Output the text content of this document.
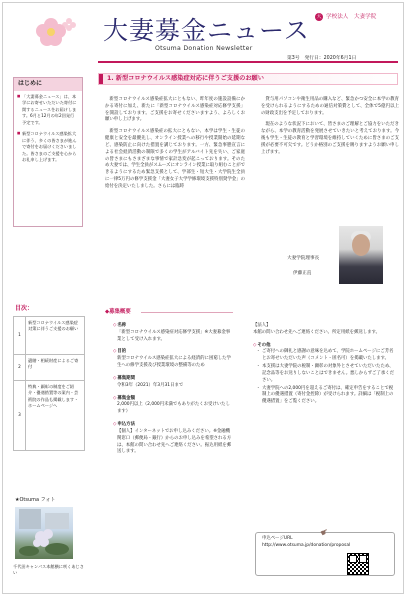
大妻募金ニュース
Otsuma Donation Newsletter
大 学校法人　大妻学院
第3号　発行日：2020年6月1日
はじめに

■ 「大妻募金ニュース」は、本学にお寄せいただいた寄付に関するニュースをお届けします。6月と12月の年2回発行予定です。

■ 新型コロナウイルス感染拡大に伴う、多くの皆さまが進んで寄付をお届けくださいました。皆さまのご支援を心からお礼申し上げます。

目次：
1	新型コロナウイルス感染症対策に伴うご支援のお願い
2	遺贈・相続財産によるご寄付
3	特典・顕彰の制度をご紹介・優遇措置等の案内・芸術院の作品も掲載します・ホームページへ
★Otsuma フォト
千代田キャンパス本館横に咲くあじさい
1. 新型コロナウイルス感染症対応に伴うご支援のお願い

新型コロナウイルス感染症拡大にともない、昨年度の施設設備にかかる寄付に加え、新たに「新型コロナウイルス感染症対応修学支援」を開設しております。ご支援をお寄せくださいますよう、よろしくお願い申し上げます。

新型コロナウイルス感染症の拡大にともない、本学は学生・生徒の健康と安全を最優先し、オンライン授業への移行や授業開始の延期など、感染防止に向けた措置を講じております。一方、緊急事態宣言による社会経済活動の制限で多くの学生がアルバイト先を失い、ご家庭の皆さまにもさまざまな事情で家計急変が起こっております。そのため大妻では、学生全員がスムーズにオンライン授業に取り組むことができるようにするため緊急支援として、学部生・短大生・大学院生全員に一律5万円の修学支援金「大妻女子大学学修環境支援特別奨学金」の給付を決定いたしました。さらには臨時

貸与用パソコンや衛生用品の購入など、緊急かつ安全に本学の教育を受けられるようにするための通信対策費として、全体で5億円以上の財政支出を予定しております。

現在のような状況下において、皆さまのご理解とご協力をいただきながら、本学の教育活動を発展させていきたいと考えております。今後も学生・生徒の教育と学習環境を維持していくために皆さまのご支援が必要不可欠です。どうか格別のご支援を賜りますようお願い申し上げます。

大妻学院理事長
伊藤正直
◆募集概要
◇ 名称
「新型コロナウイルス感染症対応修学支援」※大妻募金事業として受け入れます。
◇ 目的
新型コロナウイルス感染症拡大による経済的に困窮した学生への修学支援及び授業環境の整備等のため
◇ 募集期間
令和3年（2021）年3月31日まで
◇ 募集金額
2,000円以上（2,000円未満でもありがたくお受けいたします）
◇ 申込方法
【個人】インターネットでお申し込みください。※金融機関窓口（郵便局・銀行）からのお申し込みを希望される方は、本館の問い合わせ先へご連絡ください。振込用紙を郵送します。
【法人】
本館の問い合わせ先へご連絡ください。所定用紙を郵送します。
◇ その他
・ ご寄付への御礼と感謝の意味を込めて、学院ホームページにご芳名とお寄せいただいた声（コメント・匿名可）を掲載いたします。
・ 本支援は大妻学院の税制・顕彰の対象外とさせていただいたため、記念品等をお送りしないことはできません。悪しからずご了承ください。
・ 大妻学院への2,000円を超えるご寄付は、確定申告をすることで税制上の優遇措置（寄付金控除）が受けられます。詳細は「税制上の優遇措置」をご覧ください。
申込ページURL
http://www.otsuma.jp/donation/proposal
☛
